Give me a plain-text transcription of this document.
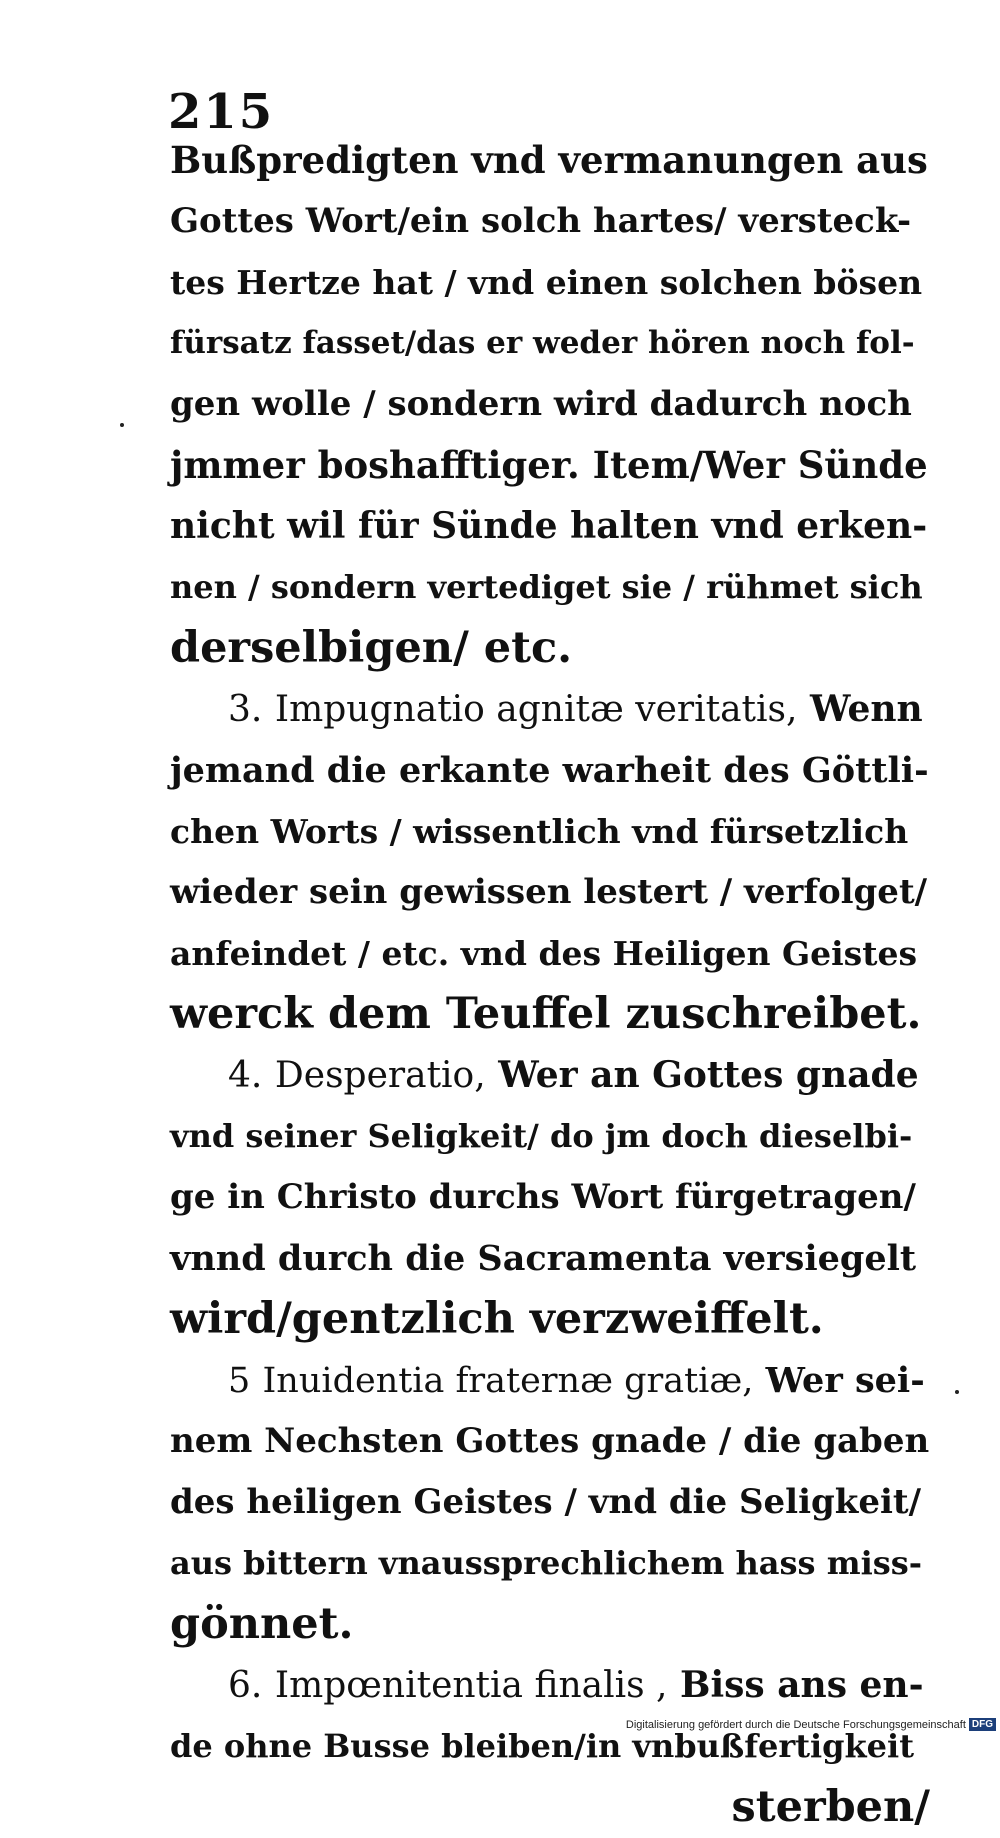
215
Bußpredigten vnd vermanungen aus
Gottes Wort/ein solch hartes/ versteck-
tes Hertze hat / vnd einen solchen bösen
fürsatz fasset/das er weder hören noch fol-
gen wolle / sondern wird dadurch noch
jmmer boshafftiger. Item/Wer Sünde
nicht wil für Sünde halten vnd erken-
nen / sondern vertediget sie / rühmet sich
derselbigen/ etc.
3. Impugnatio agnitæ veritatis, Wenn
jemand die erkante warheit des Göttli-
chen Worts / wissentlich vnd fürsetzlich
wieder sein gewissen lestert / verfolget/
anfeindet / etc. vnd des Heiligen Geistes
werck dem Teuffel zuschreibet.
4. Desperatio, Wer an Gottes gnade
vnd seiner Seligkeit/ do jm doch dieselbi-
ge in Christo durchs Wort fürgetragen/
vnnd durch die Sacramenta versiegelt
wird/gentzlich verzweiffelt.
5 Inuidentia fraternæ gratiæ, Wer sei-
nem Nechsten Gottes gnade / die gaben
des heiligen Geistes / vnd die Seligkeit/
aus bittern vnaussprechlichem hass miss-
gönnet.
6. Impœnitentia finalis , Biss ans en-
de ohne Busse bleiben/in vnbußfertigkeit
sterben/
Digitalisierung gefördert durch die Deutsche Forschungsgemeinschaft DFG
